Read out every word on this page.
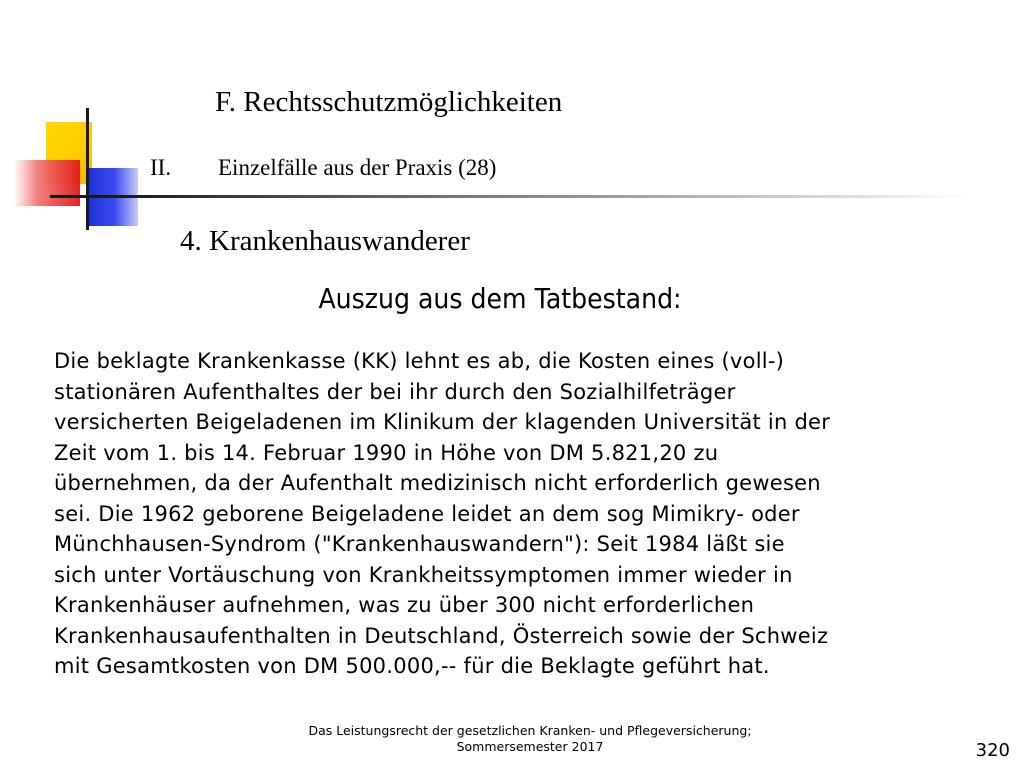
F. Rechtsschutzmöglichkeiten
II. Einzelfälle aus der Praxis (28)
4. Krankenhauswanderer
Auszug aus dem Tatbestand:

Die beklagte Krankenkasse (KK) lehnt es ab, die Kosten eines (voll-)
stationären Aufenthaltes der bei ihr durch den Sozialhilfeträger
versicherten Beigeladenen im Klinikum der klagenden Universität in der
Zeit vom 1. bis 14. Februar 1990 in Höhe von DM 5.821,20 zu
übernehmen, da der Aufenthalt medizinisch nicht erforderlich gewesen
sei. Die 1962 geborene Beigeladene leidet an dem sog Mimikry- oder
Münchhausen-Syndrom ("Krankenhauswandern"): Seit 1984 läßt sie
sich unter Vortäuschung von Krankheitssymptomen immer wieder in
Krankenhäuser aufnehmen, was zu über 300 nicht erforderlichen
Krankenhausaufenthalten in Deutschland, Österreich sowie der Schweiz
mit Gesamtkosten von DM 500.000,-- für die Beklagte geführt hat.

Das Leistungsrecht der gesetzlichen Kranken- und Pflegeversicherung;
Sommersemester 2017	320
